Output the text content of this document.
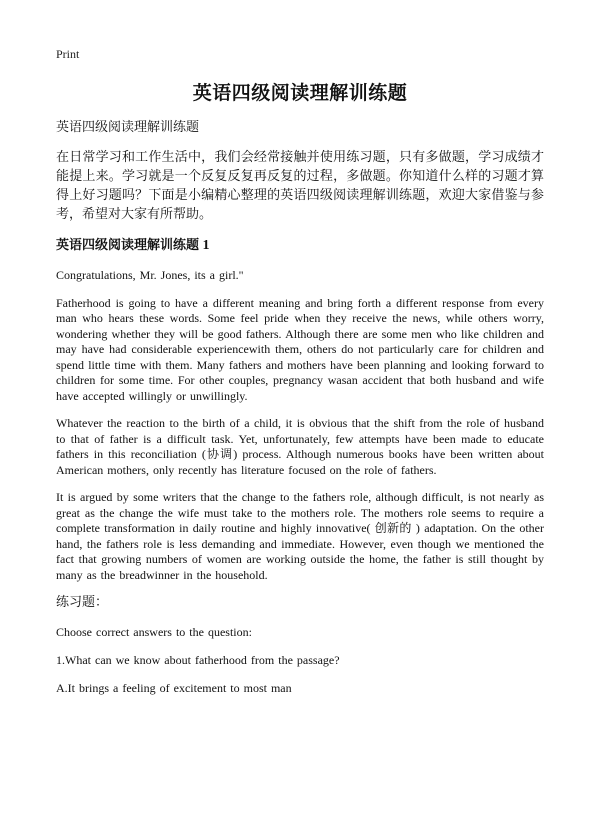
Print
英语四级阅读理解训练题
英语四级阅读理解训练题
在日常学习和工作生活中，我们会经常接触并使用练习题，只有多做题，学习成绩才能提上来。学习就是一个反复反复再反复的过程，多做题。你知道什么样的习题才算得上好习题吗？下面是小编精心整理的英语四级阅读理解训练题，欢迎大家借鉴与参考，希望对大家有所帮助。
英语四级阅读理解训练题 1
Congratulations, Mr. Jones, its a girl."
Fatherhood is going to have a different meaning and bring forth a different response from every man who hears these words. Some feel pride when they receive the news, while others worry, wondering whether they will be good fathers. Although there are some men who like children and may have had considerable experiencewith them, others do not particularly care for children and spend little time with them. Many fathers and mothers have been planning and looking forward to children for some time. For other couples, pregnancy wasan accident that both husband and wife have accepted willingly or unwillingly.
Whatever the reaction to the birth of a child, it is obvious that the shift from the role of husband to that of father is a difficult task. Yet, unfortunately, few attempts have been made to educate fathers in this reconciliation (协调) process. Although numerous books have been written about American mothers, only recently has literature focused on the role of fathers.
It is argued by some writers that the change to the fathers role, although difficult, is not nearly as great as the change the wife must take to the mothers role. The mothers role seems to require a complete transformation in daily routine and highly innovative( 创新的 ) adaptation. On the other hand, the fathers role is less demanding and immediate. However, even though we mentioned the fact that growing numbers of women are working outside the home, the father is still thought by many as the breadwinner in the household.
练习题：
Choose correct answers to the question:
1.What can we know about fatherhood from the passage?
A.It brings a feeling of excitement to most man
